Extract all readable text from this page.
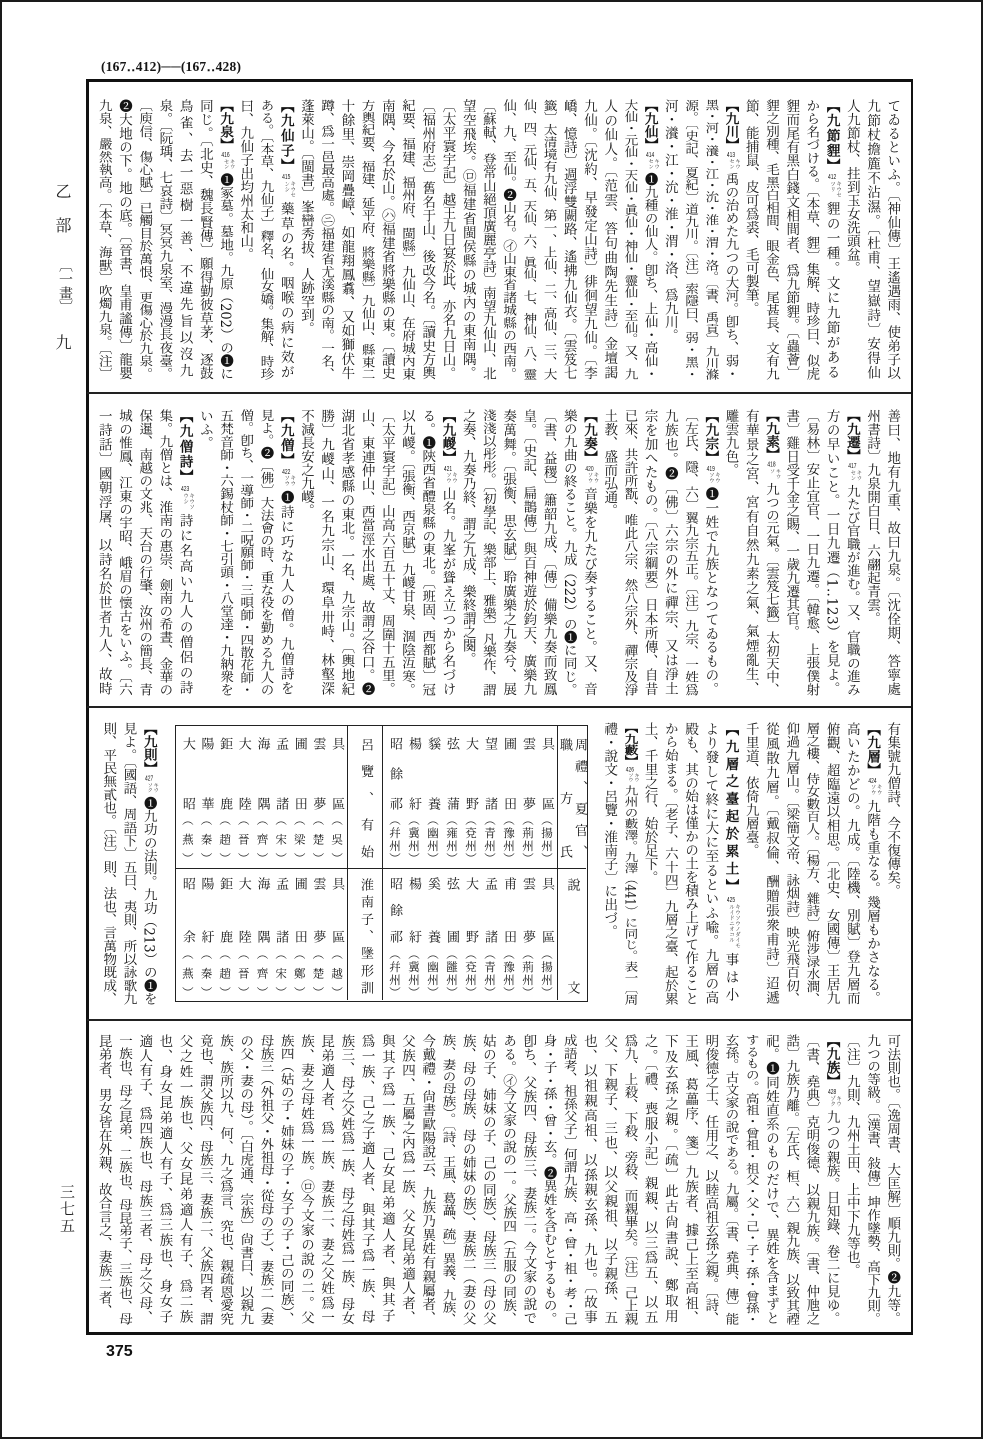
(167‥412)──(167‥428)
乙部
〔一畫〕
九
三七五
てゐるといふ。〔神仙傳〕王遙遇雨、使弟子以
九節杖擔簏不沾濕。〔杜甫、望嶽詩〕安得仙
人九節杖、拄到玉女洗頭盆。
【九節貍】412キウセツリ貍の一種。文に九節がある
から名づける。〔本草、貍〕集解、時珍曰、似虎
貍而尾有黑白錢文相間者、爲九節貍。〔蟲薈〕
貍之別種、毛黑白相間、眼金色、尾甚長、文有九
節、能捕鼠、皮可爲裘、毛可製筆。
【九川】413キウセン禹の治めた九つの大河。卽ち、弱・
黑・河・瀁・江・沇・淮・渭・洛。〔書、禹貢〕九川滌
源。〔史記、夏紀〕道九川。〔注〕索隱曰、弱・黑・
河・瀁・江・沇・淮・渭・洛、爲九川。
【九仙】414キウセン❶九種の仙人。卽ち、上仙・高仙・
大仙・元仙・天仙・眞仙・神仙・靈仙・至仙。又、九
人の仙人。〔范雲、答句曲陶先生詩〕金壇謁
九仙。〔沈約、早發定山詩〕徘徊望九仙。〔李
嶠、憶詩〕週浮雙闕路、遙拂九仙衣。〔雲笈七
籤〕太清境有九仙、第一、上仙、二、高仙、三、大
仙、四、元仙、五、天仙、六、眞仙、七、神仙、八、靈
仙、九、至仙。❷山名。㋑山東省諸城縣の西南。
〔蘇軾、登常山絕頂廣麗亭詩〕南望九仙山、北
望空飛埃。㋺福建省閩侯縣の城內の東南隅。
〔太平寰宇記〕越王九日宴於此、亦名九日山。
〔福州府志〕舊名于山、後改今名。〔讀史方輿
紀要、福建、福州府、閩縣〕九仙山、在府城內東
南隅、今名於山。㋩福建省將樂縣の東。〔讀史
方輿紀要、福建、延平府、將樂縣〕九仙山、縣東二
十餘里、崇岡疊嶂、如龍翔鳳翥、又如獅伏牛
蹲、爲一邑最高處。㋥福建省尤溪縣の南。一名、
蓬萊山。〔閩書〕峯巒秀拔、人跡罕到。
【九仙子】415キウセンシ藥草の名。咽喉の病に效が
ある。〔本草、九仙子〕釋名、仙女嬌。集解、時珍
曰、九仙子出均州太和山。
【九泉】416キウセン❶冢墓。墓地。九原（202）の❶に
同じ。〔北史、魏長賢傳〕願得勤彼草茅、逐鼓
鳥雀、去一惡樹一善、不違先旨以沒九
泉。〔阮瑀、七哀詩〕冥冥九泉室、漫漫長夜臺。
〔庾信、傷心賦〕已觸目於萬恨、更傷心於九泉。
❷大地の下。地の底。〔晉書、皇甫謐傳〕龍嬰
九泉、嚴然執高。〔本草、海獸〕吹燭九泉。〔注〕
善曰、地有九重、故曰九泉。〔沈佺期、答寧處
州書詩〕九泉開白日、六翮起青雲。
【九遷】417キウセン九たび官職が進む。又、官職の進み
方の早いこと。一日九遷（1‥123）を見よ。
〔易林〕安止宜官、一日九遷。〔韓愈、上張僕射
書〕雞日受千金之賜、一歲九遷其官。
【九素】418キウソ九つの元氣。〔雲笈七籤〕太初天中、
有華景之宮、宮有自然九素之氣、氣煙亂生、
雕雲九色。
【九宗】419キウソウ❶一姓で九族となつてゐるもの。
〔左氏、隱、六〕翼九宗五正。〔注〕九宗、一姓爲
九族也。❷〔佛〕六宗の外に禪宗、又は淨土
宗を加へたもの。〔八宗綱要〕日本所傳、自昔
已來、共許所翫、唯此八宗、然八宗外、禪宗及淨
土教、盛而弘通。
【九奏】420キウソウ音樂を九たび奏すること。又、音
樂の九曲の終ること。九成（222）の❶に同じ。
〔書、益稷〕簫韶九成、〔傳〕備樂九奏而致鳳
皇。〔史記、扁鵲傳〕與百神遊於鈞天、廣樂九
奏萬舞。〔張衡、思玄賦〕聆廣樂之九奏兮、展
淺淺以彤彤。〔初學記、樂部上、雅樂〕凡樂作、謂
之奏、九奏乃終、謂之九成、樂終謂之闋。
【九嵕】421キウソウ山名。九峯が聳え立つから名づけ
る。❶陝西省醴泉縣の東北。〔班固、西都賦〕冠
以九嵕。〔張衡、西京賦〕九嵕甘泉、涸陰沍寒。
〔太平寰宇記〕山高六百五十丈、周圍十五里。
山、東連仲山、西當涇水出處、故謂之谷口。❷
湖北省孝感縣の東北。一名、九宗山。〔輿地紀
勝〕九嵕山、一名九宗山、環阜卅峙、林壑深
不減長安之九嵕。
【九僧】422キウソウ❶詩に巧な九人の僧。九僧詩を
見よ。❷〔佛〕大法會の時、重な役を勤める九人の
僧。卽ち、一導師・二呪願師・三唄師・四散花師・
五梵音師・六錫杖師・七引頭・八堂達・九納衆を
いふ。
【九僧詩】423キウソウシ詩に名高い九人の僧侶の詩
集。九僧とは、淮南の惠崇、劍南の希晝、金華の
保暹、南越の文兆、天台の行肇、汝州の簡長、青
城の惟鳳、江東の宇昭、峨眉の懷古をいふ。〔六
一詩話〕國朝浮屠、以詩名於世者九人、故時
有集號九僧詩、今不復傳矣。
【九層】424キウソウ九階も重なる。幾層もかさなる。
高いたかどの。九成。〔陸機、別賦〕登九層而
俯觀、超臨遠以相思。〔北史、女國傳〕王居九
層之樓、侍女數百人。〔楊方、雜詩〕俯涉渌水澗、
仰過九層山。〔梁簡文帝、詠烟詩〕映光飛百仞、
從風散九層。〔戴叔倫、酬贈張衆甫詩〕迢遞
千里道、依倚九層臺。
【九層之臺起於累土】425キウソウノダイモルイドニオコル事は小
より發して終に大に至るといふ喩。九層の高
殿も、其の始は僅かの土を積み上げて作ること
から始まる。〔老子、六十四〕九層之臺、起於累
土、千里之行、始於足下。
【九藪】426キウソウ九州の藪澤。九澤（441）に同じ。表一〔周
禮・說文・呂覽・淮南子〕に出づ。
【九則】427キウソク❶九功の法則。九功（213）の❶を
見よ。〔國語、周語下〕五曰、夷則、所以詠歌九
則、平民無貳也。〔注〕則、法也、言萬物既成、
可法則也。〔逸周書、大匡解〕順九則。❷九等。
九つの等級。〔漢書、敍傳〕坤作墜勢、高下九則。
〔注〕九則、九州土田、上中下九等也。
【九族】428キウゾク九つの親族。日知錄、卷二に見ゆ。
〔書、堯典〕克明俊德、以親九族。〔書、仲虺之
誥〕九族乃離。〔左氏、桓、六〕親九族、以致其禋
祀。❶同姓直系のものだけで、異姓を含まずと
するもの。高祖・曾祖・祖父・父・己・子・孫・曾孫・
玄孫。古文家の說である。九屬。〔書、堯典、傳〕能
明俊德之士、任用之、以睦高祖玄孫之親。〔詩、
王風、葛藟序、箋〕九族者、據己上至高祖、
下及玄孫之親。〔疏〕此古尙書說、鄭取用
之。〔禮、喪服小記〕親親、以三爲五、以五
爲九、上殺、下殺、旁殺、而親畢矣。〔注〕己上親
父、下親子、三也、以父親祖、以子親孫、五
也、以祖親高祖、以孫親玄孫、九也。〔故事
成語考、祖孫父子〕何謂九族、高・曾・祖・考・己
身・子・孫・曾・玄。❷異姓を含むとするもの。
卽ち、父族四、母族三、妻族二。今文家の說で
ある。㋑今文家の說の一。父族四（五服の同族、
姑の子、姉妹の子、己の同族）、母族三（母の父
族、母の母族、母の姉妹の族）、妻族二（妻の父
族、妻の母族）。〔詩、王風、葛藟、疏〕異義、九族、
今戴禮・尙書歐陽說云、九族乃異姓有親屬者、
父族四、五屬之內爲一族、父女昆弟適人者、
與其子爲一族、己女昆弟適人者、與其子
爲一族、己之子適人者、與其子爲一族、母
族三、母之父姓爲一族、母之母姓爲一族、母女
昆弟適人者、爲一族、妻族二、妻之父姓爲一
族、妻之母姓爲一族。㋺今文家の說の二。父
族四（姑の子・姉妹の子・女子の子・己の同族）、
母族三（外祖父・外祖母・從母の子）、妻族二（妻
の父・妻の母）。〔白虎通、宗族〕尙書曰、以親九
族、族所以九、何、九之爲言、究也、親疏恩愛究
竟也、謂父族四、母族三、妻族二、父族四者、謂
父之姓一族也、父女昆弟適人有子、爲二族
也、身女昆弟適人有子、爲三族也、身女子
適人有子、爲四族也、母族三者、母之父母、
一族也、母之昆弟、二族也、母昆弟子、三族也、母
昆弟者、男女皆在外親、故合言之、妻族二者、
具區
（揚州）
雲夢
（荊州）
圃田
（豫州）
望諸
（青州）
大野
（兗州）
弦蒲
（雍州）
貕養
（幽州）
楊紆
（冀州）
昭餘祁
（幷州）	周禮、夏官、
職方氏
具區
（揚州）
雲夢
（荊州）
甫田
（豫州）
孟諸
（青州）
大野
（兗州）
弦圃
（雝州）
奚養
（幽州）
楊紆
（冀州）
昭餘祁
（幷州）	說文
具區
（吳）
雲夢
（楚）
圃田
（梁）
孟諸
（宋）
海隅
（齊）
大陸
（晉）
鉅鹿
（趙）
陽華
（秦）
大昭
（燕）	呂覽、有始
具區
（越）
雲夢
（楚）
圃田
（鄭）
孟諸
（宋）
海隅
（齊）
大陸
（晉）
鉅鹿
（趙）
陽紆
（秦）
昭余
（燕）	淮南子、墬形訓
375
